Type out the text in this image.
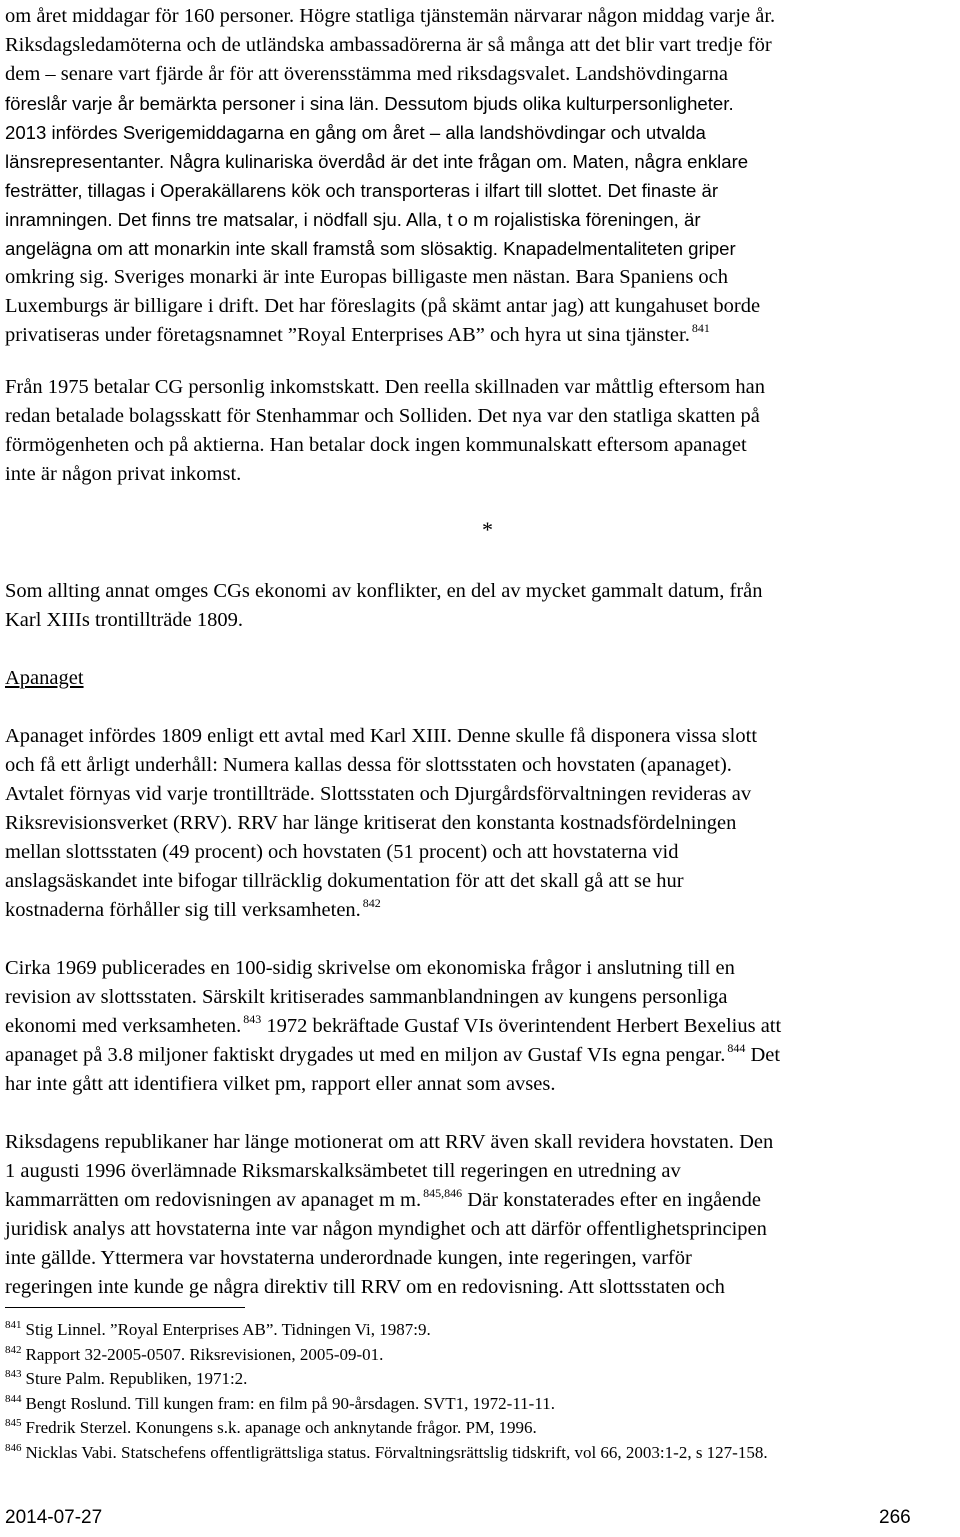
om året middagar för 160 personer. Högre statliga tjänstemän närvarar någon middag varje år.
Riksdagsledamöterna och de utländska ambassadörerna är så många att det blir vart tredje för
dem – senare vart fjärde år för att överensstämma med riksdagsvalet. Landshövdingarna
föreslår varje år bemärkta personer i sina län. Dessutom bjuds olika kulturpersonligheter.
2013 infördes Sverigemiddagarna en gång om året – alla landshövdingar och utvalda
länsrepresentanter. Några kulinariska överdåd är det inte frågan om. Maten, några enklare
festrätter, tillagas i Operakällarens kök och transporteras i ilfart till slottet. Det finaste är
inramningen. Det finns tre matsalar, i nödfall sju. Alla, t o m rojalistiska föreningen, är
angelägna om att monarkin inte skall framstå som slösaktig. Knapadelmentaliteten griper
omkring sig. Sveriges monarki är inte Europas billigaste men nästan. Bara Spaniens och
Luxemburgs är billigare i drift. Det har föreslagits (på skämt antar jag) att kungahuset borde
privatiseras under företagsnamnet ”Royal Enterprises AB” och hyra ut sina tjänster. $^{841}$
Från 1975 betalar CG personlig inkomstskatt. Den reella skillnaden var måttlig eftersom han
redan betalade bolagsskatt för Stenhammar och Solliden. Det nya var den statliga skatten på
förmögenheten och på aktierna. Han betalar dock ingen kommunalskatt eftersom apanaget
inte är någon privat inkomst.
*
Som allting annat omges CGs ekonomi av konflikter, en del av mycket gammalt datum, från
Karl XIIIs trontillträde 1809.
Apanaget
Apanaget infördes 1809 enligt ett avtal med Karl XIII. Denne skulle få disponera vissa slott
och få ett årligt underhåll: Numera kallas dessa för slottsstaten och hovstaten (apanaget).
Avtalet förnyas vid varje trontillträde. Slottsstaten och Djurgårdsförvaltningen revideras av
Riksrevisionsverket (RRV). RRV har länge kritiserat den konstanta kostnadsfördelningen
mellan slottsstaten (49 procent) och hovstaten (51 procent) och att hovstaterna vid
anslagsäskandet inte bifogar tillräcklig dokumentation för att det skall gå att se hur
kostnaderna förhåller sig till verksamheten. $^{842}$
Cirka 1969 publicerades en 100-sidig skrivelse om ekonomiska frågor i anslutning till en
revision av slottsstaten. Särskilt kritiserades sammanblandningen av kungens personliga
ekonomi med verksamheten. $^{843}$ 1972 bekräftade Gustaf VIs överintendent Herbert Bexelius att
apanaget på 3.8 miljoner faktiskt drygades ut med en miljon av Gustaf VIs egna pengar. $^{844}$ Det
har inte gått att identifiera vilket pm, rapport eller annat som avses.
Riksdagens republikaner har länge motionerat om att RRV även skall revidera hovstaten. Den
1 augusti 1996 överlämnade Riksmarskalksämbetet till regeringen en utredning av
kammarrätten om redovisningen av apanaget m m. $^{845,846}$ Där konstaterades efter en ingående
juridisk analys att hovstaterna inte var någon myndighet och att därför offentlighetsprincipen
inte gällde. Yttermera var hovstaterna underordnade kungen, inte regeringen, varför
regeringen inte kunde ge några direktiv till RRV om en redovisning. Att slottsstaten och
$^{841}$ Stig Linnel. ”Royal Enterprises AB”. Tidningen Vi, 1987:9.
$^{842}$ Rapport 32-2005-0507. Riksrevisionen, 2005-09-01.
$^{843}$ Sture Palm. Republiken, 1971:2.
$^{844}$ Bengt Roslund. Till kungen fram: en film på 90-årsdagen. SVT1, 1972-11-11.
$^{845}$ Fredrik Sterzel. Konungens s.k. apanage och anknytande frågor. PM, 1996.
$^{846}$ Nicklas Vabi. Statschefens offentligrättsliga status. Förvaltningsrättslig tidskrift, vol 66, 2003:1-2, s 127-158.
2014-07-27	266
